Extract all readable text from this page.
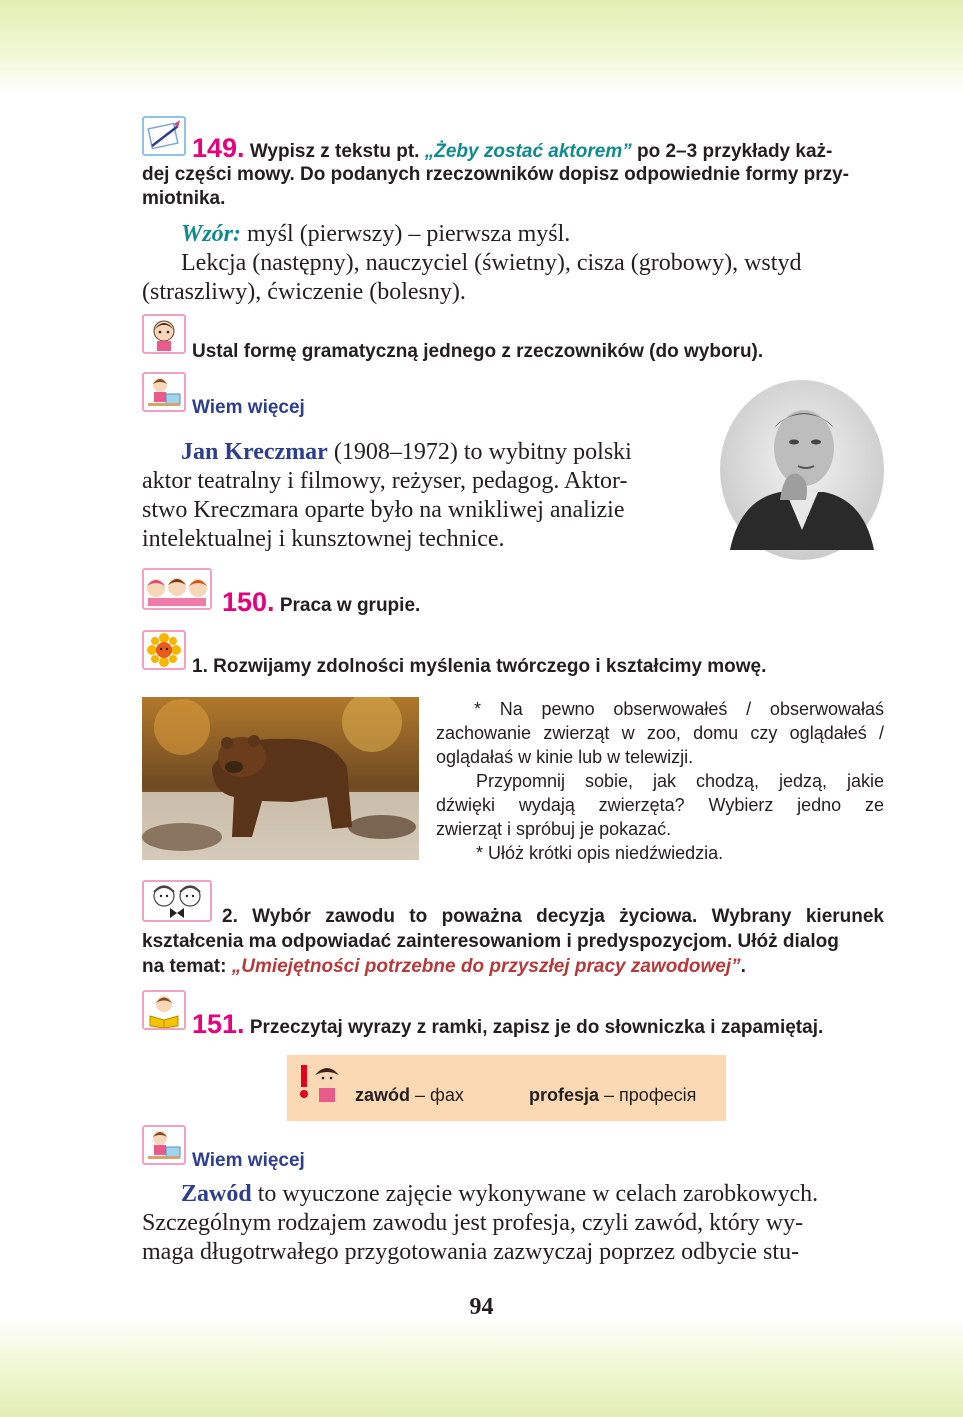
149. Wypisz z tekstu pt. „Żeby zostać aktorem” po 2–3 przykłady każ-
dej części mowy. Do podanych rzeczowników dopisz odpowiednie formy przy-
miotnika.
Wzór: myśl (pierwszy) – pierwsza myśl.
Lekcja (następny), nauczyciel (świetny), cisza (grobowy), wstyd
(straszliwy), ćwiczenie (bolesny).
Ustal formę gramatyczną jednego z rzeczowników (do wyboru).
Wiem więcej
Jan Kreczmar (1908–1972) to wybitny polski
aktor teatralny i filmowy, reżyser, pedagog. Aktor-
stwo Kreczmara oparte było na wnikliwej analizie
intelektualnej i kunsztownej technice.
150. Praca w grupie.
1. Rozwijamy zdolności myślenia twórczego i kształcimy mowę.
* Na pewno obserwowałeś / obserwowałaś
zachowanie zwierząt w zoo, domu czy oglądałeś /
oglądałaś w kinie lub w telewizji.
Przypomnij sobie, jak chodzą, jedzą, jakie
dźwięki wydają zwierzęta? Wybierz jedno ze
zwierząt i spróbuj je pokazać.
* Ułóż krótki opis niedźwiedzia.
2. Wybór zawodu to poważna decyzja życiowa. Wybrany kierunek
kształcenia ma odpowiadać zainteresowaniom i predyspozycjom. Ułóż dialog
na temat: „Umiejętności potrzebne do przyszłej pracy zawodowej”.
151. Przeczytaj wyrazy z ramki, zapisz je do słowniczka i zapamiętaj.
zawód – фах	profesja – професія
Wiem więcej
Zawód to wyuczone zajęcie wykonywane w celach zarobkowych.
Szczególnym rodzajem zawodu jest profesja, czyli zawód, który wy-
maga długotrwałego przygotowania zazwyczaj poprzez odbycie stu-
94
